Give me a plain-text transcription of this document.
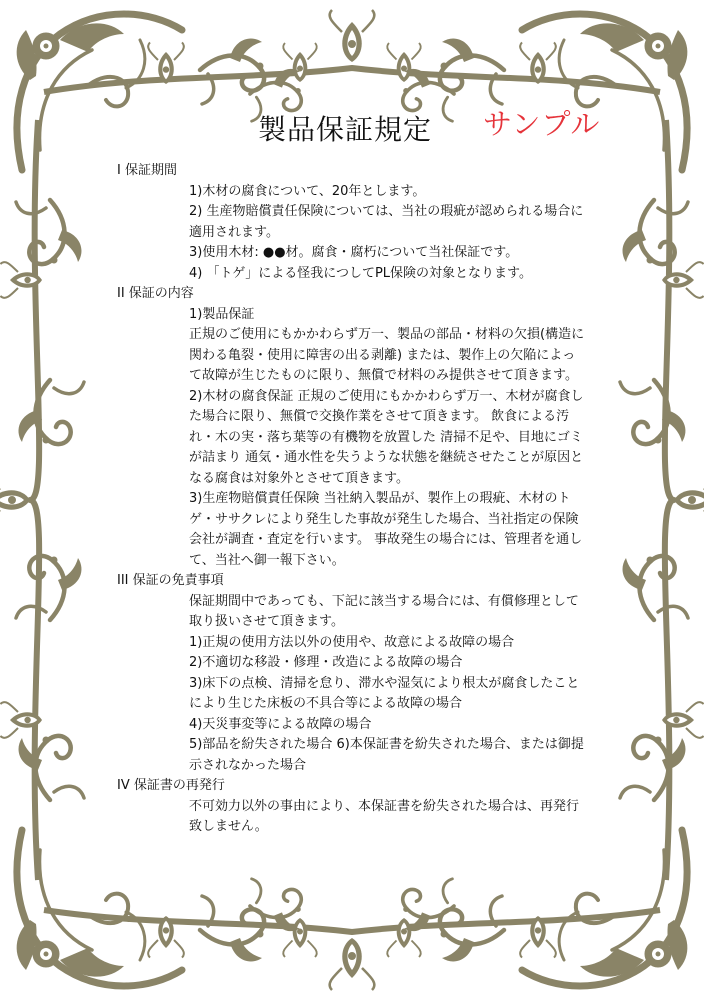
製品保証規定 サンプル
I 保証期間

1)木材の腐食について、20年とします。

2) 生産物賠償責任保険については、当社の瑕疵が認められる場合に適用されます。

3)使用木材: ●●材。腐食・腐朽について当社保証です。

4) 「トゲ」による怪我につしてPL保険の対象となります。

II 保証の内容

1)製品保証

正規のご使用にもかかわらず万一、製品の部品・材料の欠損(構造に関わる亀裂・使用に障害の出る剥離) または、製作上の欠陥によって故障が生じたものに限り、無償で材料のみ提供させて頂きます。

2)木材の腐食保証 正規のご使用にもかかわらず万一、木材が腐食した場合に限り、無償で交換作業をさせて頂きます。 飲食による汚れ・木の実・落ち葉等の有機物を放置した 清掃不足や、目地にゴミが詰まり 通気・通水性を失うような状態を継続させたことが原因となる腐食は対象外とさせて頂きます。

3)生産物賠償責任保険 当社納入製品が、製作上の瑕疵、木材のトゲ・ササクレにより発生した事故が発生した場合、当社指定の保険会社が調査・査定を行います。 事故発生の場合には、管理者を通して、当社へ御一報下さい。

III 保証の免責事項

保証期間中であっても、下記に該当する場合には、有償修理として取り扱いさせて頂きます。

1)正規の使用方法以外の使用や、故意による故障の場合

2)不適切な移設・修理・改造による故障の場合

3)床下の点検、清掃を怠り、滞水や湿気により根太が腐食したことにより生じた床板の不具合等による故障の場合

4)天災事変等による故障の場合

5)部品を紛失された場合 6)本保証書を紛失された場合、または御提示されなかった場合

IV 保証書の再発行

不可効力以外の事由により、本保証書を紛失された場合は、再発行致しません。
